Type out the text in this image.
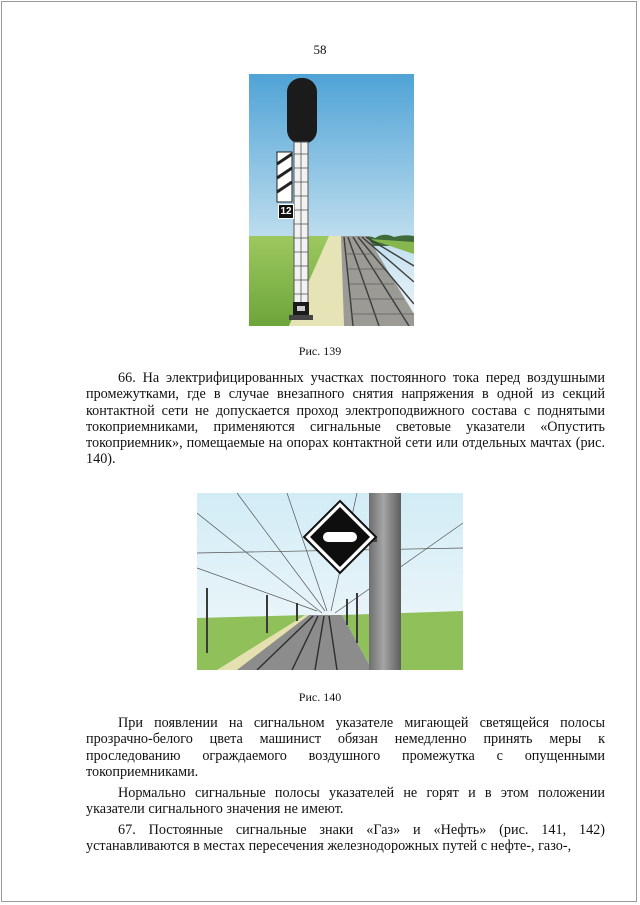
58
12
Рис. 139

66. На электрифицированных участках постоянного тока перед воздушными промежутками, где в случае внезапного снятия напряжения в одной из секций контактной сети не допускается проход электроподвижного состава с поднятыми токоприемниками, применяются сигнальные световые указатели «Опустить токоприемник», помещаемые на опорах контактной сети или отдельных мачтах (рис. 140).

Рис. 140

При появлении на сигнальном указателе мигающей светящейся полосы прозрачно-белого цвета машинист обязан немедленно принять меры к проследованию ограждаемого воздушного промежутка с опущенными токоприемниками.

Нормально сигнальные полосы указателей не горят и в этом положении указатели сигнального значения не имеют.

67. Постоянные сигнальные знаки «Газ» и «Нефть» (рис. 141, 142) устанавливаются в местах пересечения железнодорожных путей с нефте-, газо-,
